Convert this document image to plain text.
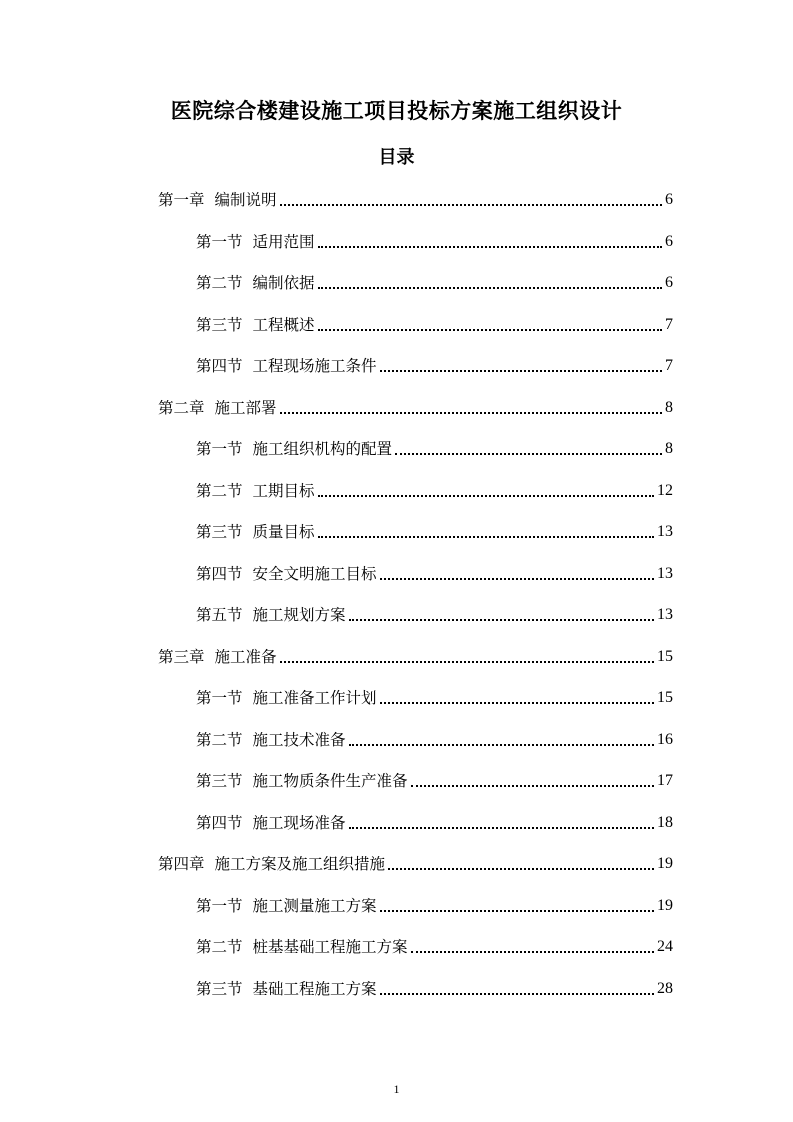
医院综合楼建设施工项目投标方案施工组织设计
目录
第一章 编制说明	6
第一节 适用范围	6
第二节 编制依据	6
第三节 工程概述	7
第四节 工程现场施工条件	7
第二章 施工部署	8
第一节 施工组织机构的配置	8
第二节 工期目标	12
第三节 质量目标	13
第四节 安全文明施工目标	13
第五节 施工规划方案	13
第三章 施工准备	15
第一节 施工准备工作计划	15
第二节 施工技术准备	16
第三节 施工物质条件生产准备	17
第四节 施工现场准备	18
第四章 施工方案及施工组织措施	19
第一节 施工测量施工方案	19
第二节 桩基基础工程施工方案	24
第三节 基础工程施工方案	28
1
